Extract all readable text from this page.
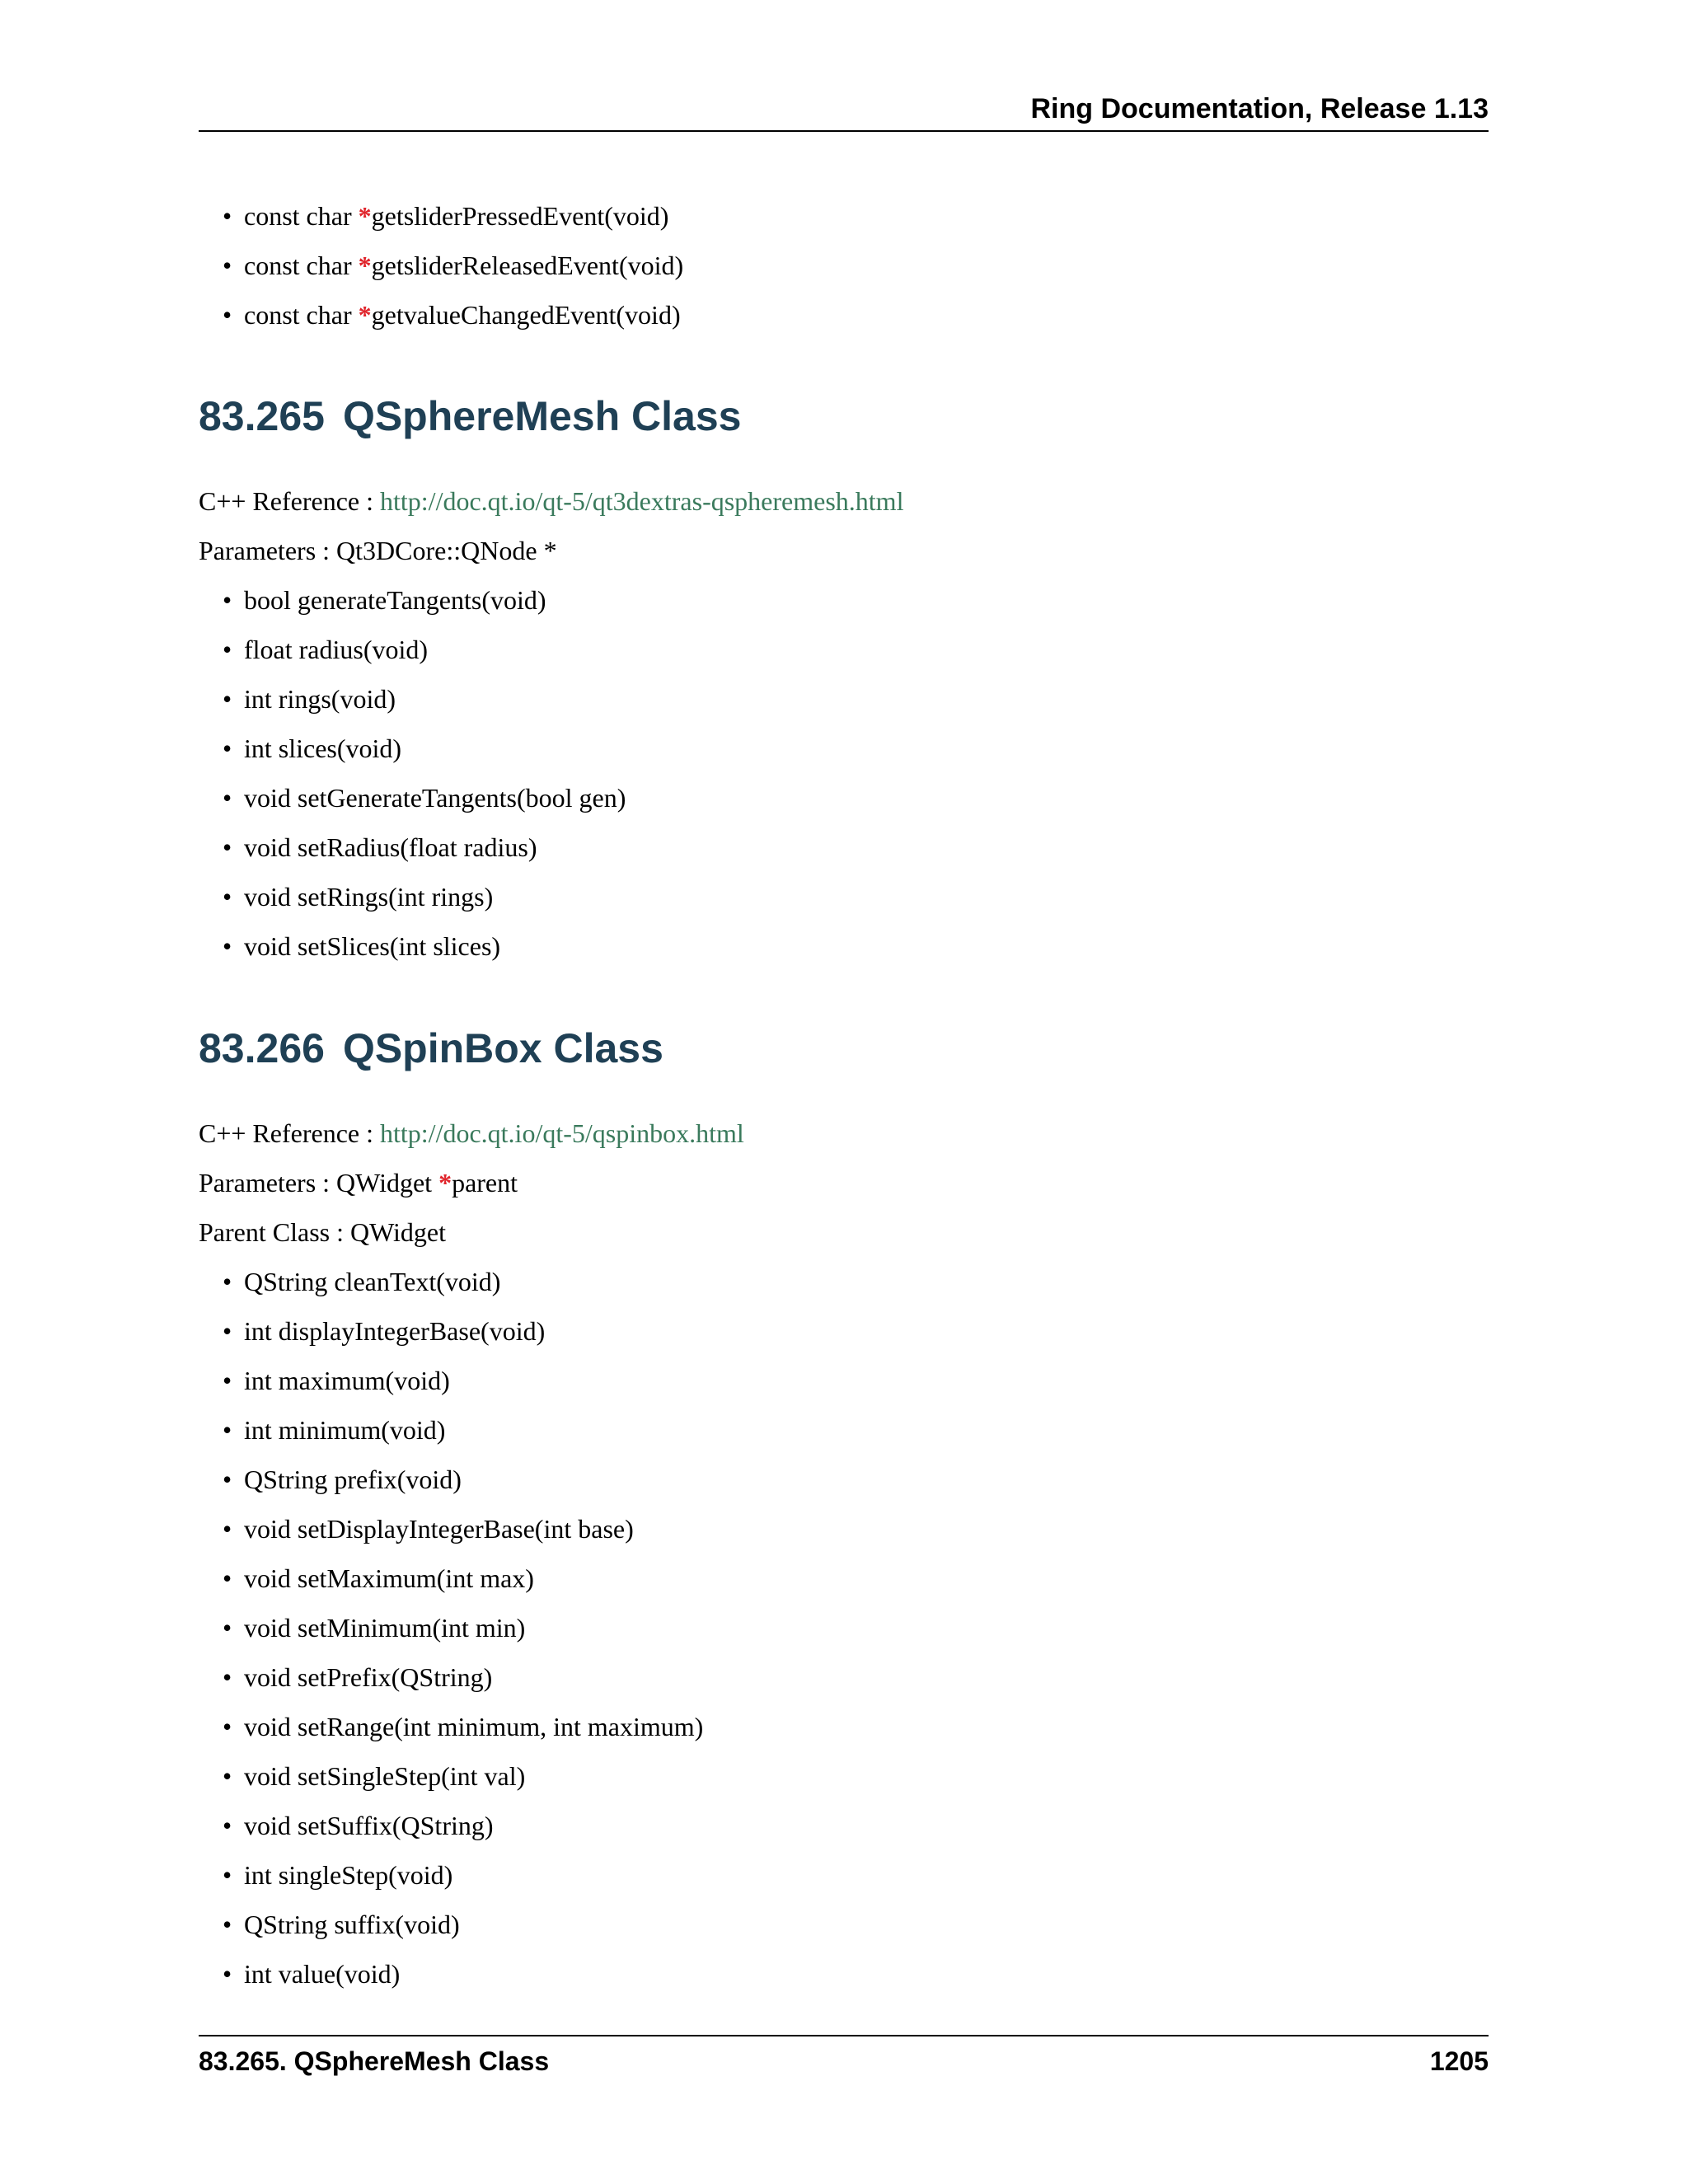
Ring Documentation, Release 1.13
• const char *getsliderPressedEvent(void)
• const char *getsliderReleasedEvent(void)
• const char *getvalueChangedEvent(void)
83.265 QSphereMesh Class

C++ Reference : http://doc.qt.io/qt-5/qt3dextras-qspheremesh.html

Parameters : Qt3DCore::QNode *

• bool generateTangents(void)
• float radius(void)
• int rings(void)
• int slices(void)
• void setGenerateTangents(bool gen)
• void setRadius(float radius)
• void setRings(int rings)
• void setSlices(int slices)
83.266 QSpinBox Class

C++ Reference : http://doc.qt.io/qt-5/qspinbox.html

Parameters : QWidget *parent

Parent Class : QWidget

• QString cleanText(void)
• int displayIntegerBase(void)
• int maximum(void)
• int minimum(void)
• QString prefix(void)
• void setDisplayIntegerBase(int base)
• void setMaximum(int max)
• void setMinimum(int min)
• void setPrefix(QString)
• void setRange(int minimum, int maximum)
• void setSingleStep(int val)
• void setSuffix(QString)
• int singleStep(void)
• QString suffix(void)
• int value(void)
83.265. QSphereMesh Class	1205
